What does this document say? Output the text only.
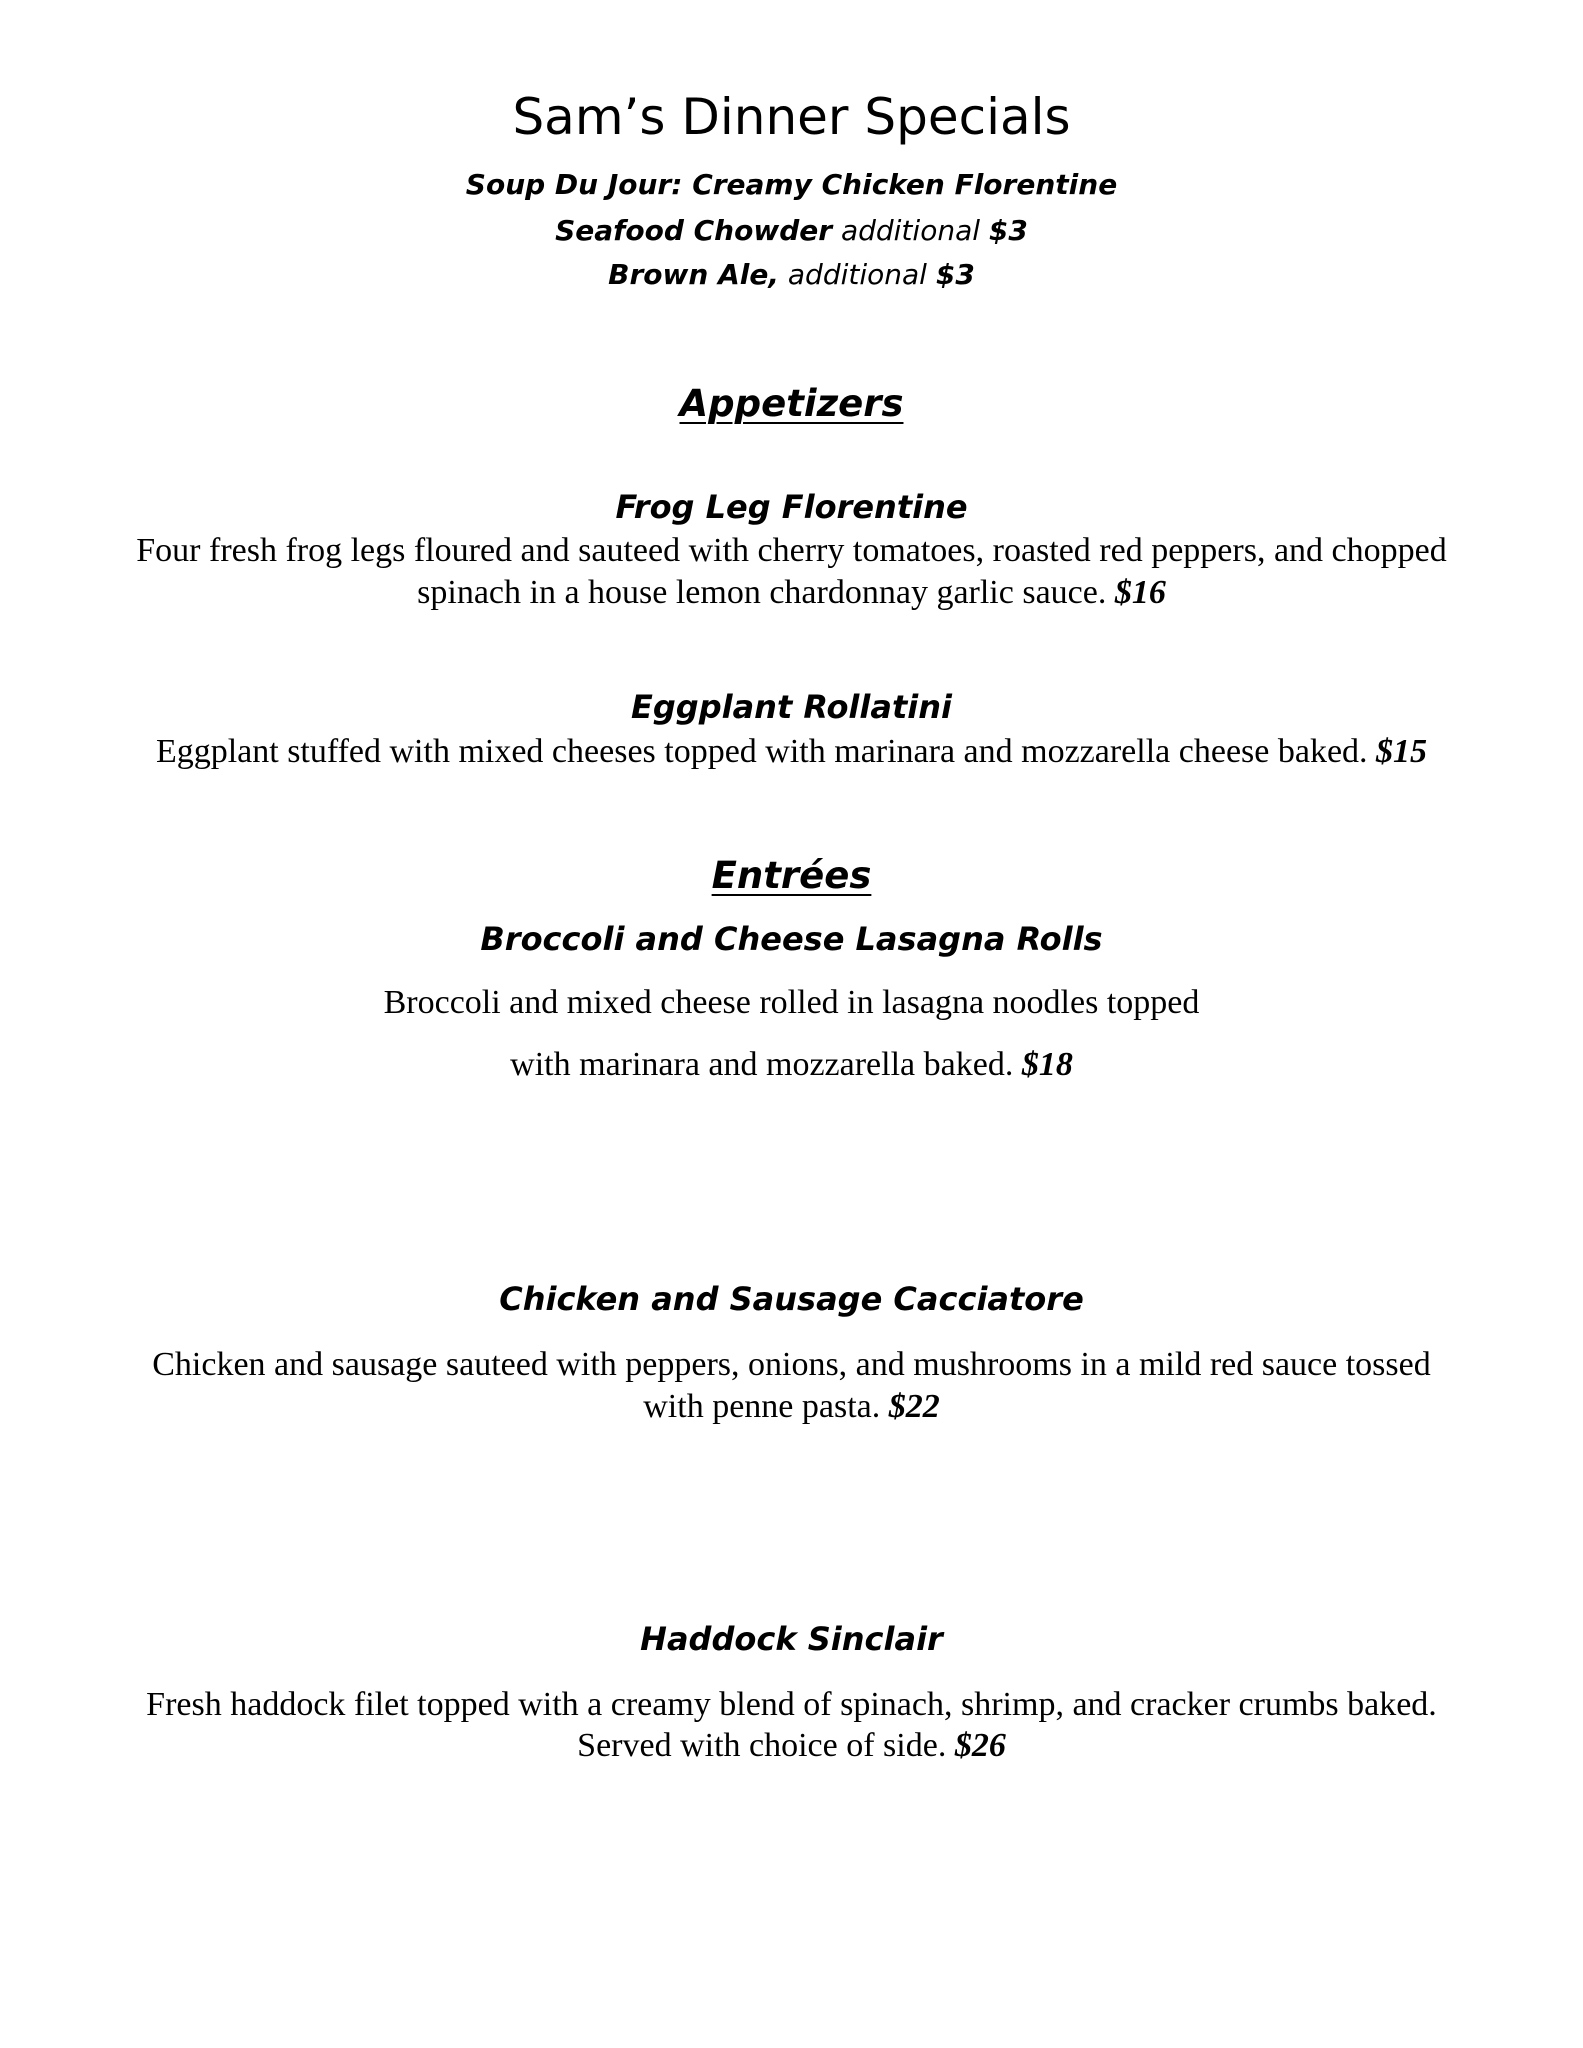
Sam’s Dinner Specials
Soup Du Jour: Creamy Chicken Florentine
Seafood Chowder additional $3
Brown Ale, additional $3
Appetizers
Frog Leg Florentine
Four fresh frog legs floured and sauteed with cherry tomatoes, roasted red peppers, and chopped
spinach in a house lemon chardonnay garlic sauce. $16
Eggplant Rollatini
Eggplant stuffed with mixed cheeses topped with marinara and mozzarella cheese baked. $15
Entrées
Broccoli and Cheese Lasagna Rolls
Broccoli and mixed cheese rolled in lasagna noodles topped
with marinara and mozzarella baked. $18
Chicken and Sausage Cacciatore
Chicken and sausage sauteed with peppers, onions, and mushrooms in a mild red sauce tossed
with penne pasta. $22
Haddock Sinclair
Fresh haddock filet topped with a creamy blend of spinach, shrimp, and cracker crumbs baked.
Served with choice of side. $26
